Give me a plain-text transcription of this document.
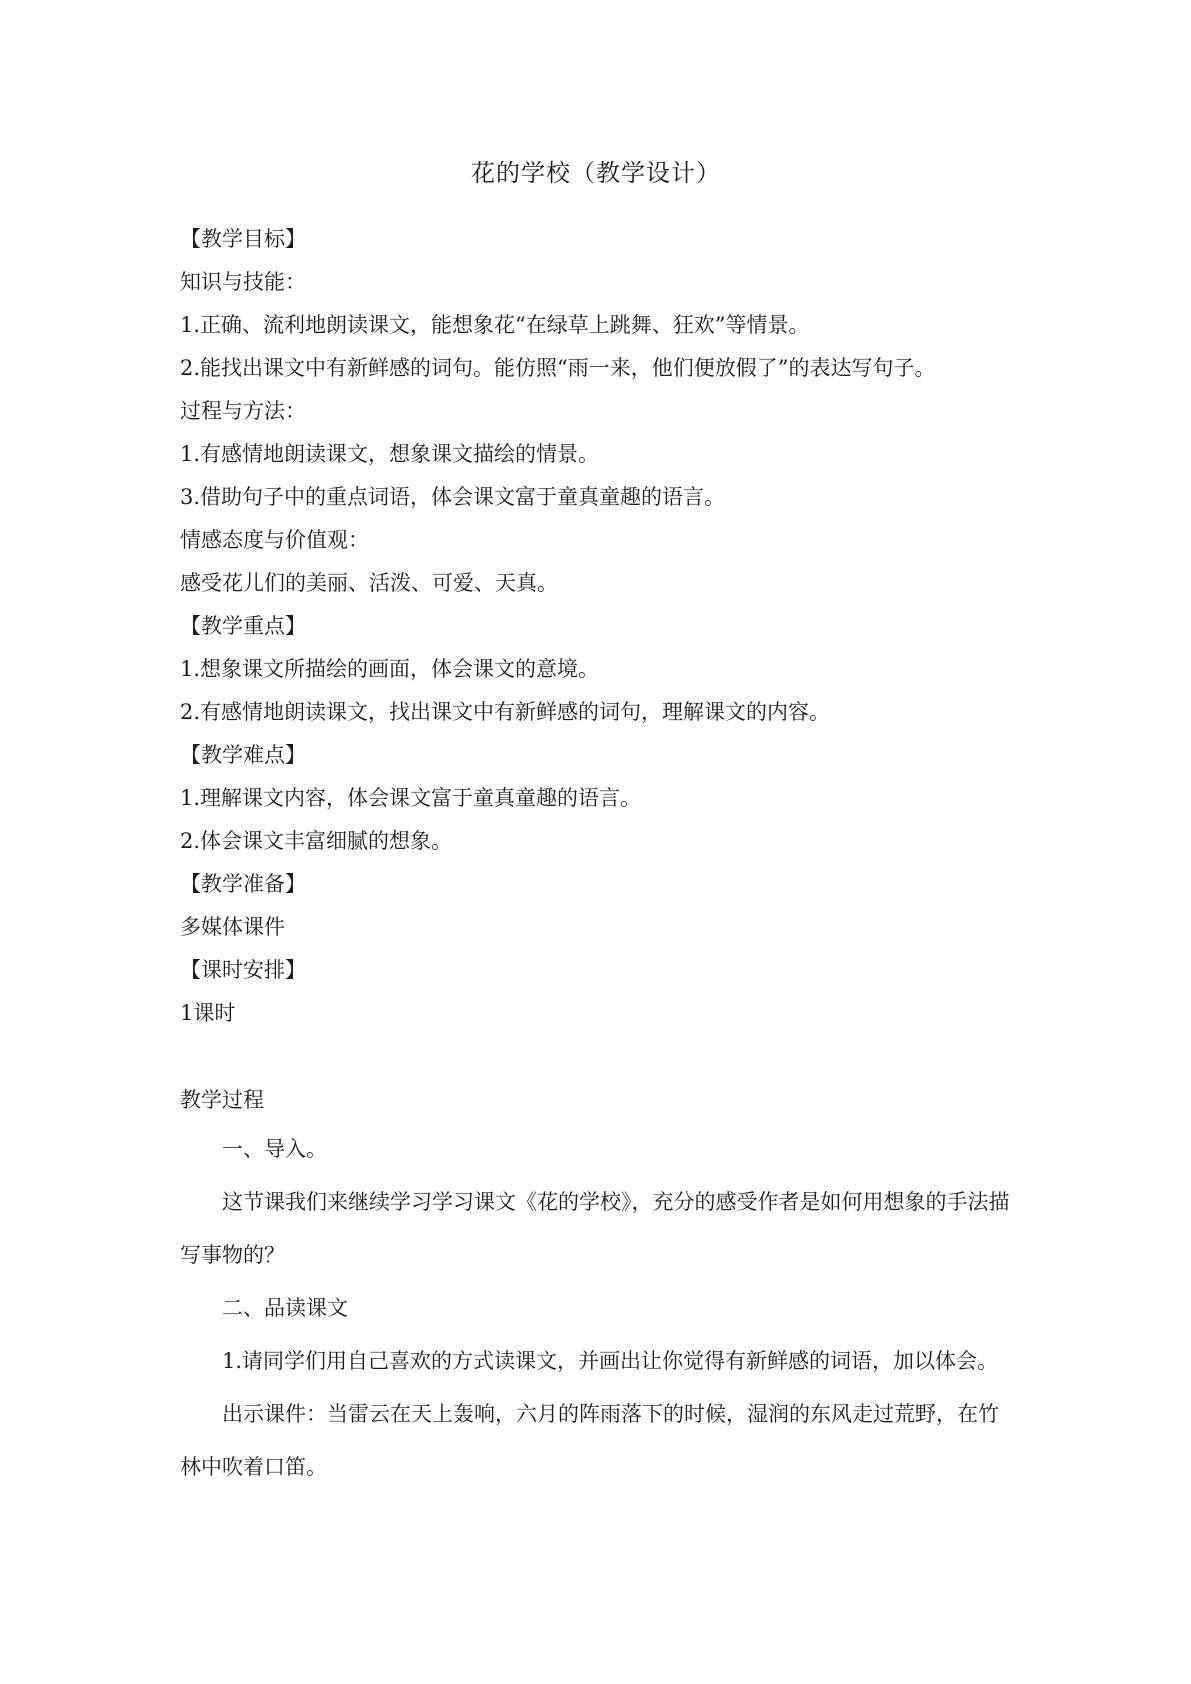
花的学校（教学设计）

【教学目标】

知识与技能：

1.正确、流利地朗读课文，能想象花“在绿草上跳舞、狂欢”等情景。

2.能找出课文中有新鲜感的词句。能仿照“雨一来，他们便放假了”的表达写句子。

过程与方法：

1.有感情地朗读课文，想象课文描绘的情景。

3.借助句子中的重点词语，体会课文富于童真童趣的语言。

情感态度与价值观：

感受花儿们的美丽、活泼、可爱、天真。

【教学重点】

1.想象课文所描绘的画面，体会课文的意境。

2.有感情地朗读课文，找出课文中有新鲜感的词句，理解课文的内容。

【教学难点】

1.理解课文内容，体会课文富于童真童趣的语言。

2.体会课文丰富细腻的想象。

【教学准备】

多媒体课件

【课时安排】

1课时

教学过程

一、导入。

这节课我们来继续学习学习课文《花的学校》，充分的感受作者是如何用想象的手法描写事物的？

二、品读课文

1.请同学们用自己喜欢的方式读课文，并画出让你觉得有新鲜感的词语，加以体会。

出示课件：当雷云在天上轰响，六月的阵雨落下的时候，湿润的东风走过荒野，在竹林中吹着口笛。
